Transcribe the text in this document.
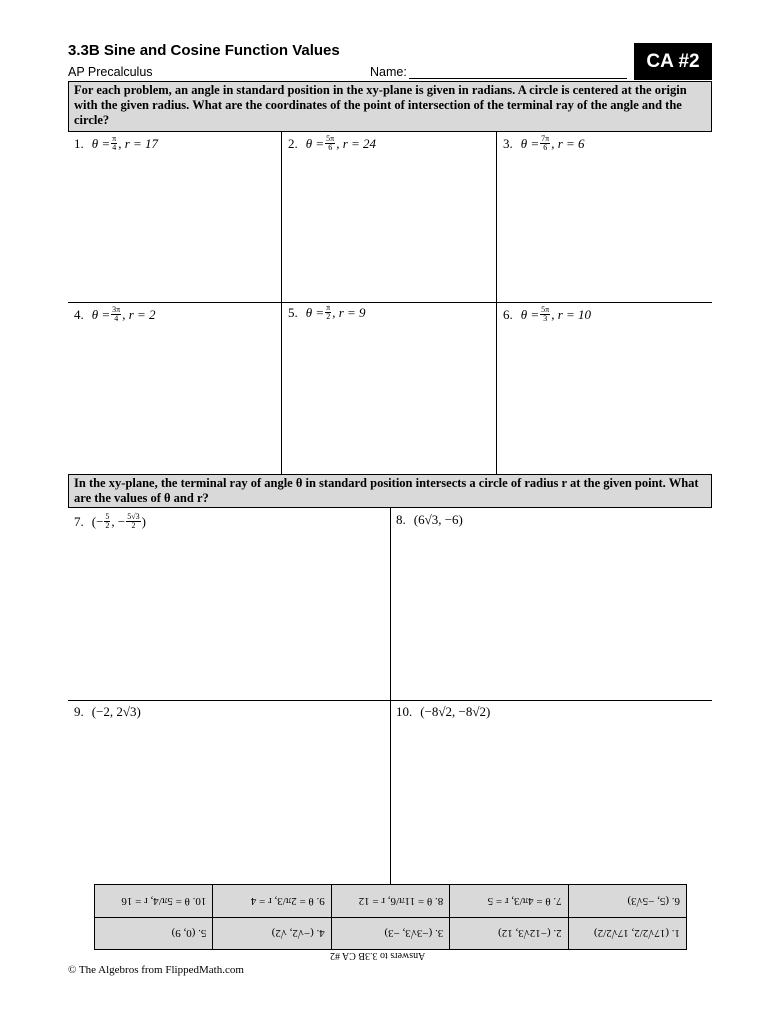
3.3B Sine and Cosine Function Values
AP Precalculus	Name:
CA #2
For each problem, an angle in standard position in the xy-plane is given in radians. A circle is centered at the origin with the given radius. What are the coordinates of the point of intersection of the terminal ray of the angle and the circle?
1. $\theta = \frac{\pi}{4}$ , r = 17	2. $\theta = \frac{5\pi}{6}$ , r = 24	3. $\theta = \frac{7\pi}{6}$ , r = 6
4. $\theta = \frac{3\pi}{4}$ , r = 2	5. $\theta = \frac{\pi}{2}$ , r = 9	6. $\theta = \frac{5\pi}{3}$ , r = 10
In the xy-plane, the terminal ray of angle θ in standard position intersects a circle of radius r at the given point. What are the values of θ and r?
7. (− $\frac{5}{2}$ , − $\frac{5√3}{2}$ )	8. (6√3, −6)
9. (−2, 2√3)	10. (−8√2, −8√2)
1. (17√2/2, 17√2/2)
2. (−12√3, 12)
3. (−3√3, −3)
4. (−√2, √2)
5. (0, 9)
6. (5, −5√3)
7. θ = 4π/3, r = 5
8. θ = 11π/6, r = 12
9. θ = 2π/3, r = 4
10. θ = 5π/4, r = 16
Answers to 3.3B CA #2
© The Algebros from FlippedMath.com
